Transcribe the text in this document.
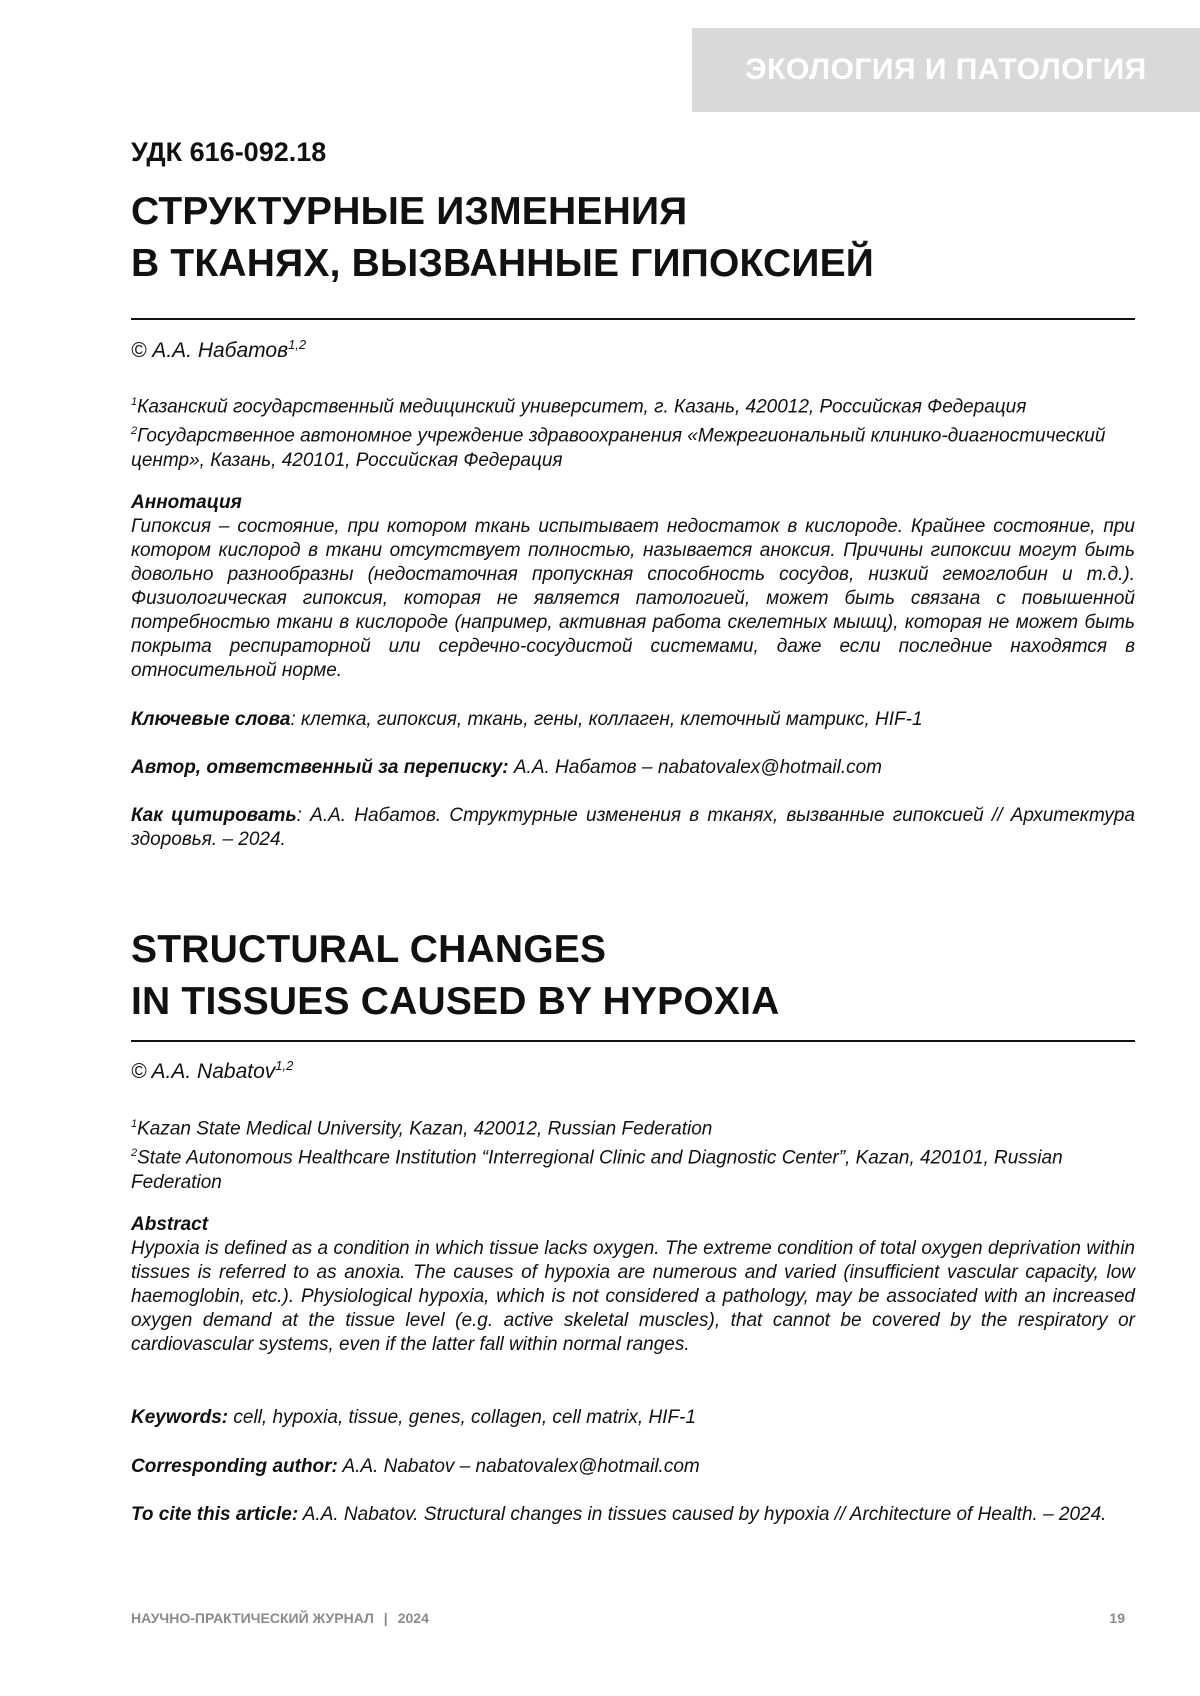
ЭКОЛОГИЯ И ПАТОЛОГИЯ
УДК 616-092.18
СТРУКТУРНЫЕ ИЗМЕНЕНИЯ
В ТКАНЯХ, ВЫЗВАННЫЕ ГИПОКСИЕЙ
© А.А. Набатов$^{1,2}$
$^1$Казанский государственный медицинский университет, г. Казань, 420012, Российская Федерация
$^2$Государственное автономное учреждение здравоохранения «Межрегиональный клинико-диагностический центр», Казань, 420101, Российская Федерация
Аннотация
Гипоксия – состояние, при котором ткань испытывает недостаток в кислороде. Крайнее состояние, при котором кислород в ткани отсутствует полностью, называется аноксия. Причины гипоксии могут быть довольно разнообразны (недостаточная пропускная способность сосудов, низкий гемоглобин и т.д.). Физиологическая гипоксия, которая не является патологией, может быть связана с повышенной потребностью ткани в кислороде (например, активная работа скелетных мышц), которая не может быть покрыта респираторной или сердечно-сосудистой системами, даже если последние находятся в относительной норме.
Ключевые слова: клетка, гипоксия, ткань, гены, коллаген, клеточный матрикс, HIF-1
Автор, ответственный за переписку: А.А. Набатов – nabatovalex@hotmail.com
Как цитировать: А.А. Набатов. Структурные изменения в тканях, вызванные гипоксией // Архитектура здоровья. – 2024.
STRUCTURAL CHANGES
IN TISSUES CAUSED BY HYPOXIA
© A.A. Nabatov$^{1,2}$
$^1$Kazan State Medical University, Kazan, 420012, Russian Federation
$^2$State Autonomous Healthcare Institution “Interregional Clinic and Diagnostic Center”, Kazan, 420101, Russian Federation
Abstract
Hypoxia is defined as a condition in which tissue lacks oxygen. The extreme condition of total oxygen deprivation within tissues is referred to as anoxia. The causes of hypoxia are numerous and varied (insufficient vascular capacity, low haemoglobin, etc.). Physiological hypoxia, which is not considered a pathology, may be associated with an increased oxygen demand at the tissue level (e.g. active skeletal muscles), that cannot be covered by the respiratory or cardiovascular systems, even if the latter fall within normal ranges.
Keywords: cell, hypoxia, tissue, genes, collagen, cell matrix, HIF-1
Corresponding author: A.A. Nabatov – nabatovalex@hotmail.com
To cite this article: A.A. Nabatov. Structural changes in tissues caused by hypoxia // Architecture of Health. – 2024.
НАУЧНО-ПРАКТИЧЕСКИЙ ЖУРНАЛ | 2024	19
